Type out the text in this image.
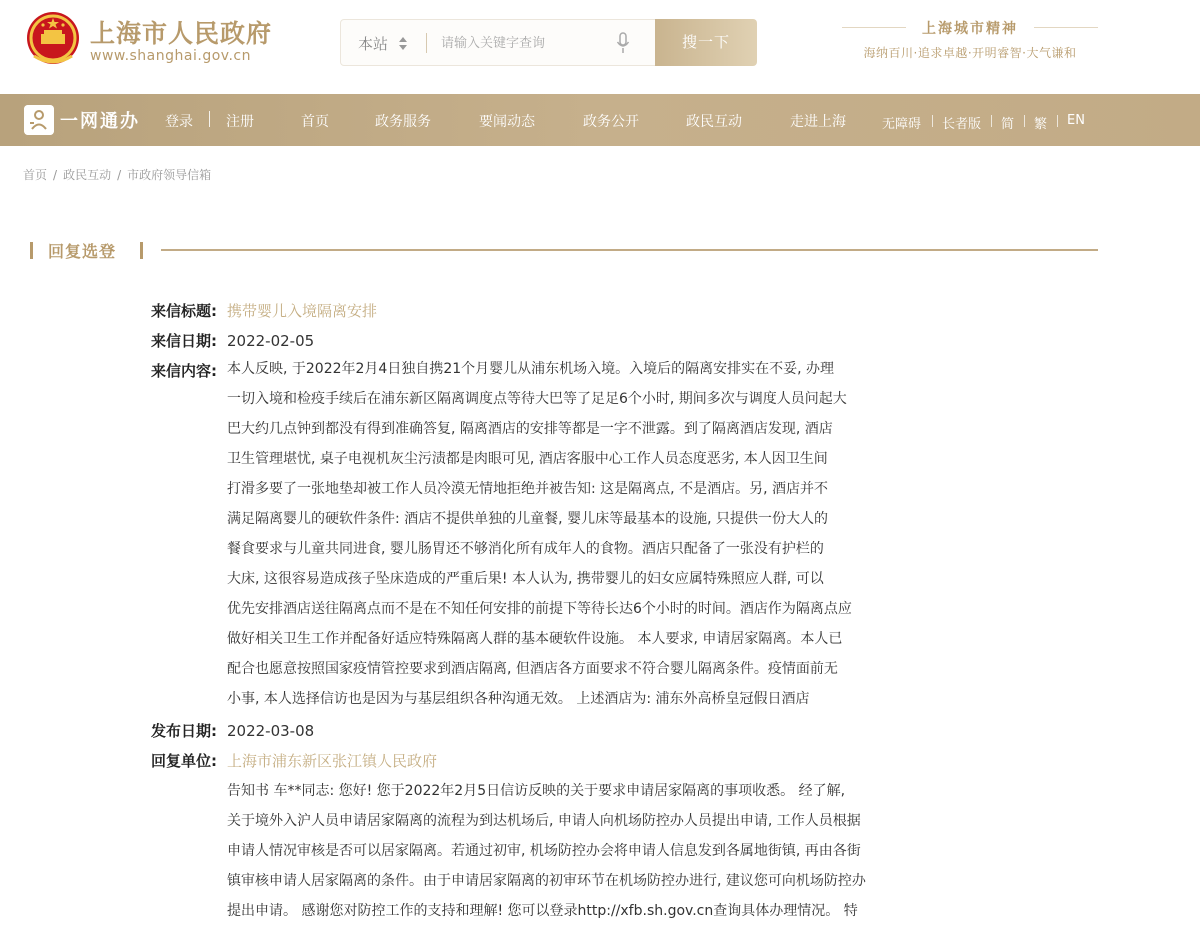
上海市人民政府
www.shanghai.gov.cn
本站
请输入关键字查询	搜一下
上海城市精神
海纳百川·追求卓越·开明睿智·大气谦和
一网通办 登录 注册	首页	政务服务	要闻动态	政务公开	政民互动	走进上海	无障碍 长者版 简 繁 EN
首页 / 政民互动 / 市政府领导信箱
回复选登
来信标题: 携带婴儿入境隔离安排
来信日期: 2022-02-05
来信内容: 本人反映, 于2022年2月4日独自携21个月婴儿从浦东机场入境。入境后的隔离安排实在不妥, 办理
一切入境和检疫手续后在浦东新区隔离调度点等待大巴等了足足6个小时, 期间多次与调度人员问起大
巴大约几点钟到都没有得到准确答复, 隔离酒店的安排等都是一字不泄露。到了隔离酒店发现, 酒店
卫生管理堪忧, 桌子电视机灰尘污渍都是肉眼可见, 酒店客服中心工作人员态度恶劣, 本人因卫生间
打滑多要了一张地垫却被工作人员冷漠无情地拒绝并被告知: 这是隔离点, 不是酒店。另, 酒店并不
满足隔离婴儿的硬软件条件: 酒店不提供单独的儿童餐, 婴儿床等最基本的设施, 只提供一份大人的
餐食要求与儿童共同进食, 婴儿肠胃还不够消化所有成年人的食物。酒店只配备了一张没有护栏的
大床, 这很容易造成孩子坠床造成的严重后果! 本人认为, 携带婴儿的妇女应属特殊照应人群, 可以
优先安排酒店送往隔离点而不是在不知任何安排的前提下等待长达6个小时的时间。酒店作为隔离点应
做好相关卫生工作并配备好适应特殊隔离人群的基本硬软件设施。 本人要求, 申请居家隔离。本人已
配合也愿意按照国家疫情管控要求到酒店隔离, 但酒店各方面要求不符合婴儿隔离条件。疫情面前无
小事, 本人选择信访也是因为与基层组织各种沟通无效。 上述酒店为: 浦东外高桥皇冠假日酒店
发布日期: 2022-03-08
回复单位: 上海市浦东新区张江镇人民政府
告知书 车**同志: 您好! 您于2022年2月5日信访反映的关于要求申请居家隔离的事项收悉。 经了解,
关于境外入沪人员申请居家隔离的流程为到达机场后, 申请人向机场防控办人员提出申请, 工作人员根据
申请人情况审核是否可以居家隔离。若通过初审, 机场防控办会将申请人信息发到各属地街镇, 再由各街
镇审核申请人居家隔离的条件。由于申请居家隔离的初审环节在机场防控办进行, 建议您可向机场防控办
提出申请。 感谢您对防控工作的支持和理解! 您可以登录http://xfb.sh.gov.cn查询具体办理情况。 特
